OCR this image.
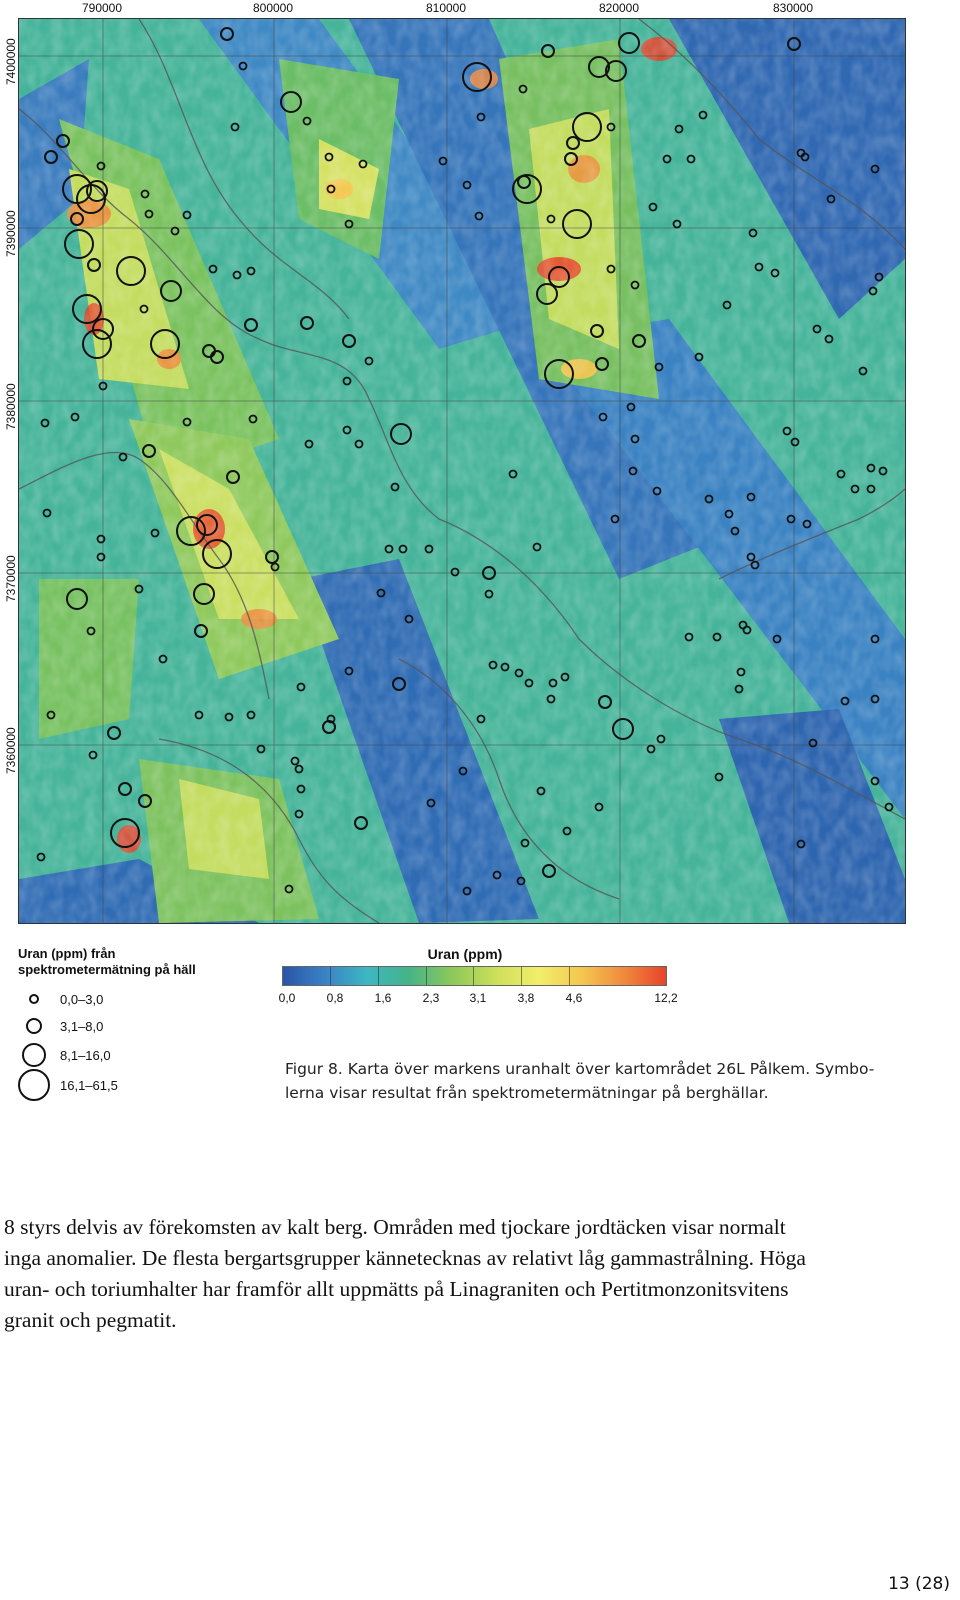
790000	800000	810000	820000	830000
7400000
7390000
7380000
7370000
7360000
Uran (ppm) från
spektrometermätning på häll
0,0–3,0
3,1–8,0
8,1–16,0
16,1–61,5
Uran (ppm)
0,0	0,8	1,6	2,3	3,1	3,8	4,6	12,2
Figur 8. Karta över markens uranhalt över kartområdet 26L Pålkem. Symbo-
lerna visar resultat från spektrometermätningar på berghällar.
8 styrs delvis av förekomsten av kalt berg. Områden med tjockare jordtäcken visar normalt
inga anomalier. De flesta bergartsgrupper kännetecknas av relativt låg gammastrålning. Höga
uran- och toriumhalter har framför allt uppmätts på Linagraniten och Pertitmonzonitsvitens
granit och pegmatit.
13 (28)
